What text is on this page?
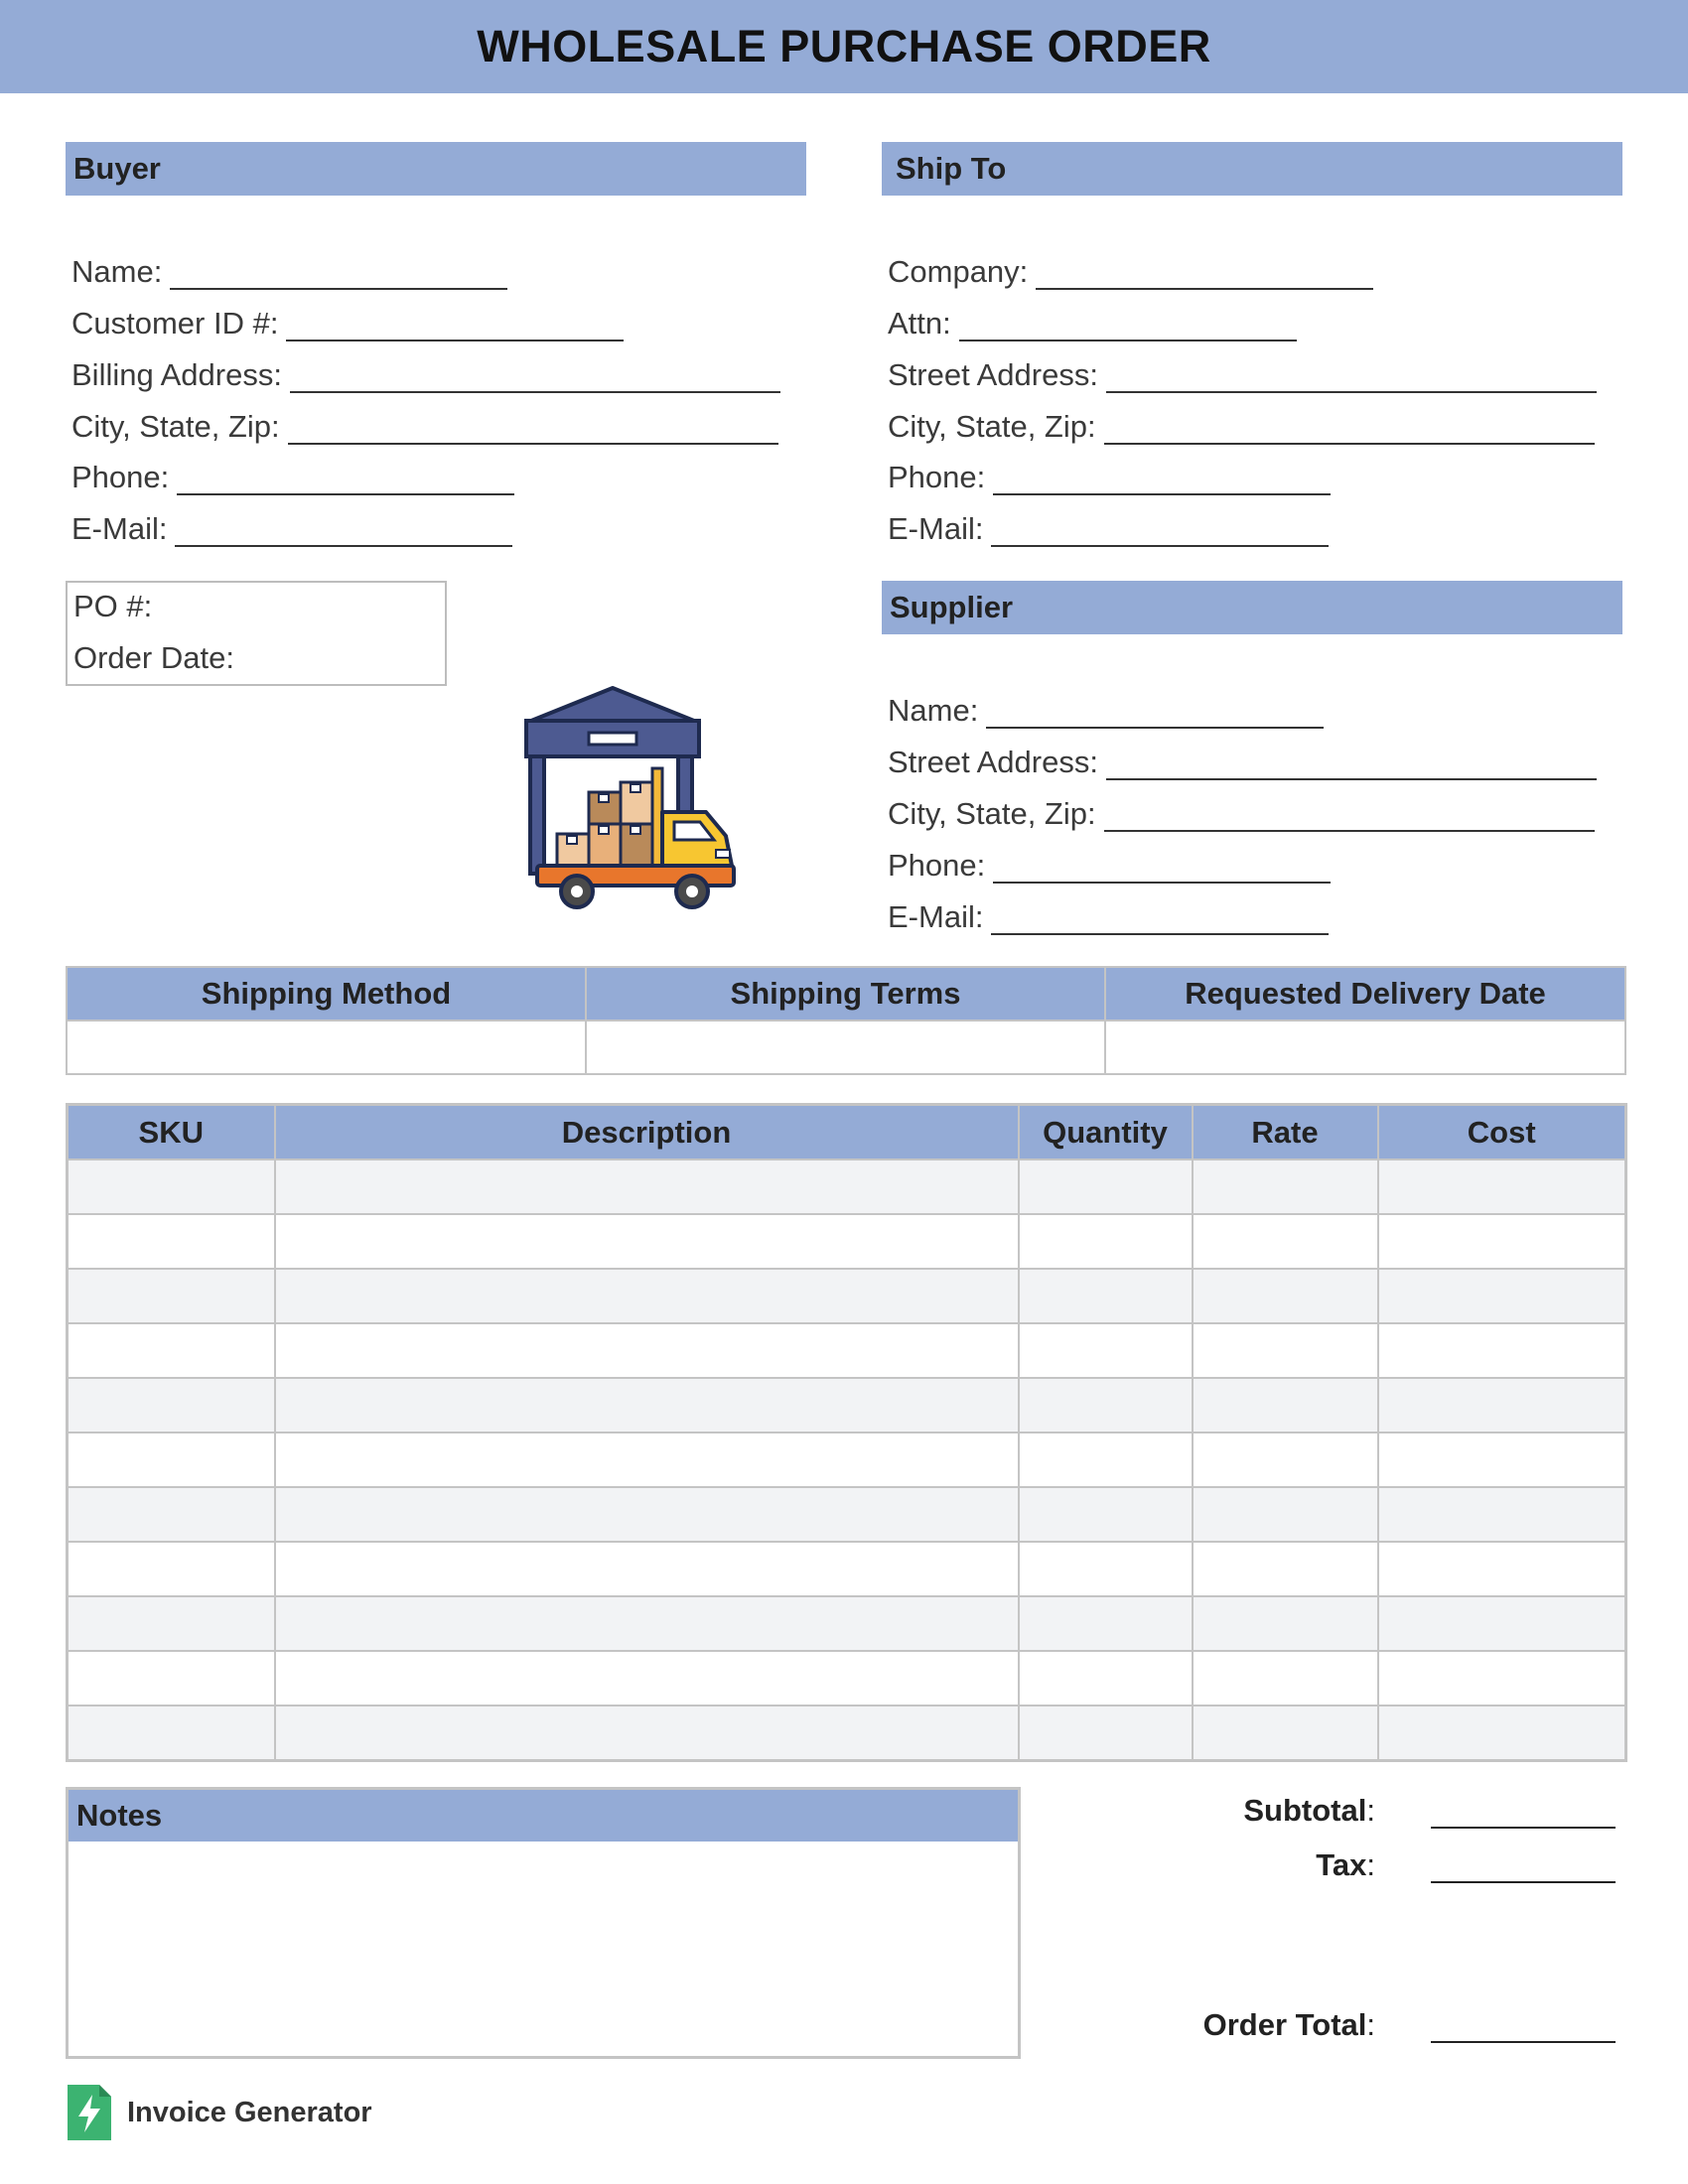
WHOLESALE PURCHASE ORDER
Buyer
Name:
Customer ID #:
Billing Address:
City, State, Zip:
Phone:
E-Mail:
Ship To
Company:
Attn:
Street Address:
City, State, Zip:
Phone:
E-Mail:
PO #:
Order Date:
Supplier
Name:
Street Address:
City, State, Zip:
Phone:
E-Mail:
Shipping Method	Shipping Terms	Requested Delivery Date

SKU	Description	Quantity	Rate	Cost

Notes	Subtotal:
Tax:
Order Total:
Invoice Generator
